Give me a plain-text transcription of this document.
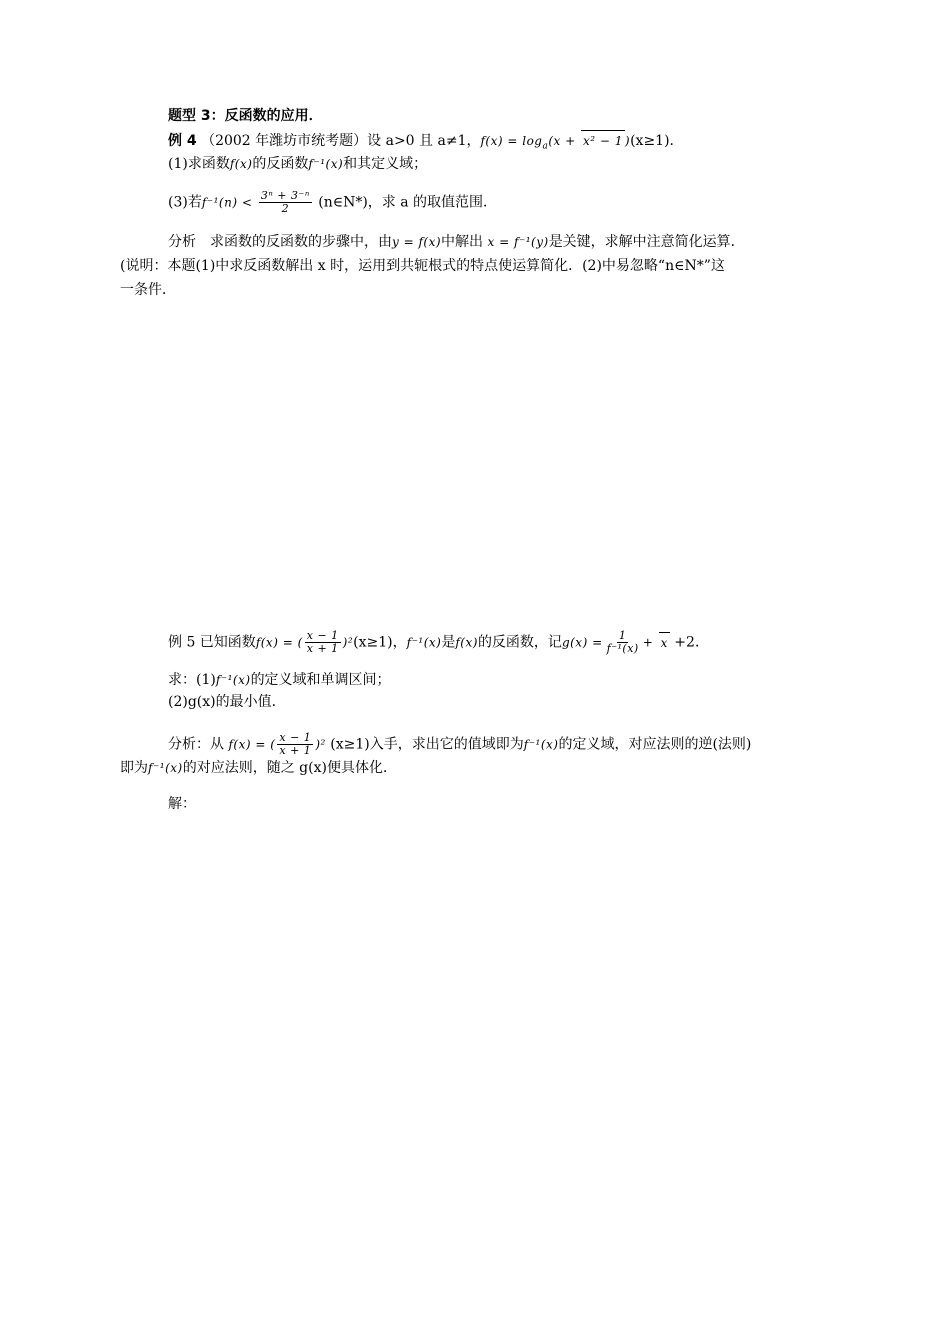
题型 3：反函数的应用．
例 4 （2002 年潍坊市统考题）设 a>0 且 a≠1，$f(x) = \log_a(x + x^2 - 1$ )(x≥1)．
(1)求函数f(x)的反函数f⁻¹(x)和其定义域；
(3)若$f^{-1}(n) < \frac{\text{3ⁿ + 3⁻ⁿ}}{2}$ (n∈N*)，求 a 的取值范围．
分析　求函数的反函数的步骤中，由y = f(x)中解出 x = f⁻¹(y)是关键，求解中注意简化运算．
(说明：本题(1)中求反函数解出 x 时，运用到共轭根式的特点使运算简化．(2)中易忽略“n∈N*”这
一条件．
例 5 已知函数f(x) = ( $\frac{x - 1}{x + 1} )^2(x\ge 1)$，f⁻¹(x)是f(x)的反函数，记$g(x) = \frac{1}{\text{f⁻¹(x)}} + x +2$．
求：(1)f⁻¹(x)的定义域和单调区间；
(2)g(x)的最小值．
分析：从 f(x) = ( $\frac{x - 1}{x + 1} )^2$ (x≥1)入手，求出它的值域即为f⁻¹(x)的定义域，对应法则的逆(法则)
即为f⁻¹(x)的对应法则，随之 g(x)便具体化．
解：
